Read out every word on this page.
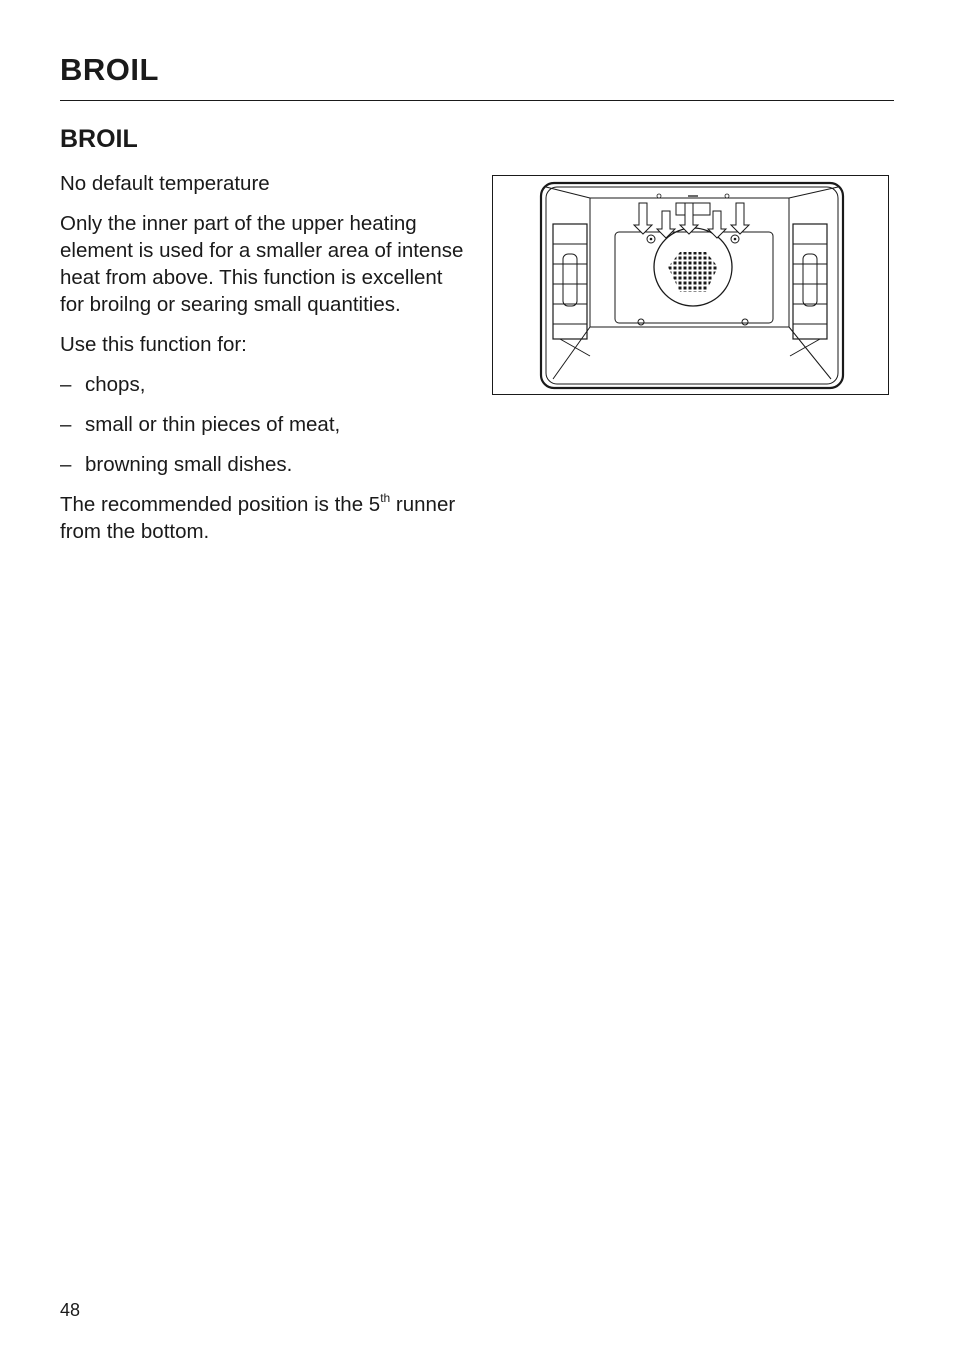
BROIL
BROIL

No default temperature

Only the inner part of the upper heating element is used for a smaller area of intense heat from above. This function is excellent for broilng or searing small quantities.

Use this function for:

– chops,
– small or thin pieces of meat,
– browning small dishes.

The recommended position is the 5th runner from the bottom.

48
